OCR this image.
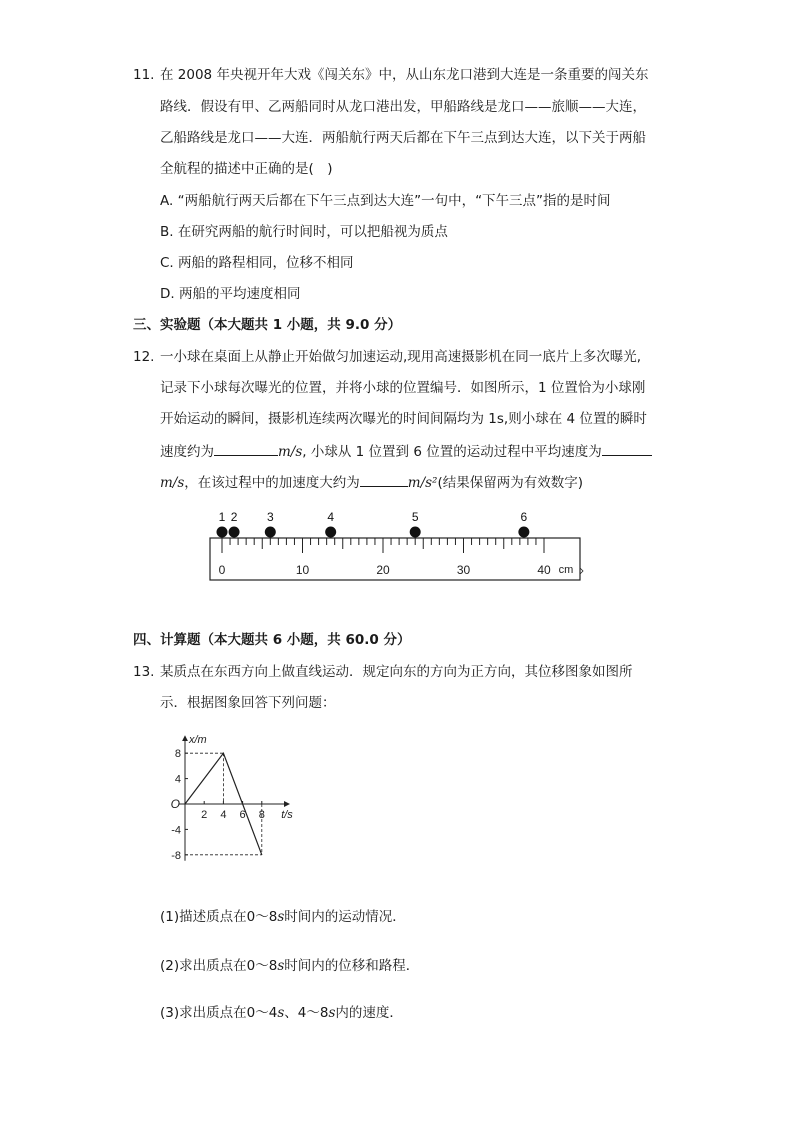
11. 在 2008 年央视开年大戏《闯关东》中，从山东龙口港到大连是一条重要的闯关东
路线．假设有甲、乙两船同时从龙口港出发，甲船路线是龙口——旅顺——大连，
乙船路线是龙口——大连．两船航行两天后都在下午三点到达大连，以下关于两船
全航程的描述中正确的是(　)
A. “两船航行两天后都在下午三点到达大连”一句中，“下午三点”指的是时间
B. 在研究两船的航行时间时，可以把船视为质点
C. 两船的路程相同，位移不相同
D. 两船的平均速度相同
三、实验题（本大题共 1 小题，共 9.0 分）
12. 一小球在桌面上从静止开始做匀加速运动,现用高速摄影机在同一底片上多次曝光,
记录下小球每次曝光的位置，并将小球的位置编号．如图所示，1 位置恰为小球刚
开始运动的瞬间，摄影机连续两次曝光的时间间隔均为 1s,则小球在 4 位置的瞬时
速度约为	m/s, 小球从 1 位置到 6 位置的运动过程中平均速度为
m/s，在该过程中的加速度大约为	m/s²(结果保留两为有效数字)
0	10	20	30	40 cm
1 2 3	4	5	6
四、计算题（本大题共 6 小题，共 60.0 分）
13. 某质点在东西方向上做直线运动．规定向东的方向为正方向，其位移图象如图所
示．根据图象回答下列问题：
2 4 6 8
8
4
-4
-8
O
x/m
t/s
(1)描述质点在0～8s时间内的运动情况．
(2)求出质点在0～8s时间内的位移和路程．
(3)求出质点在0～4s、4～8s内的速度．
